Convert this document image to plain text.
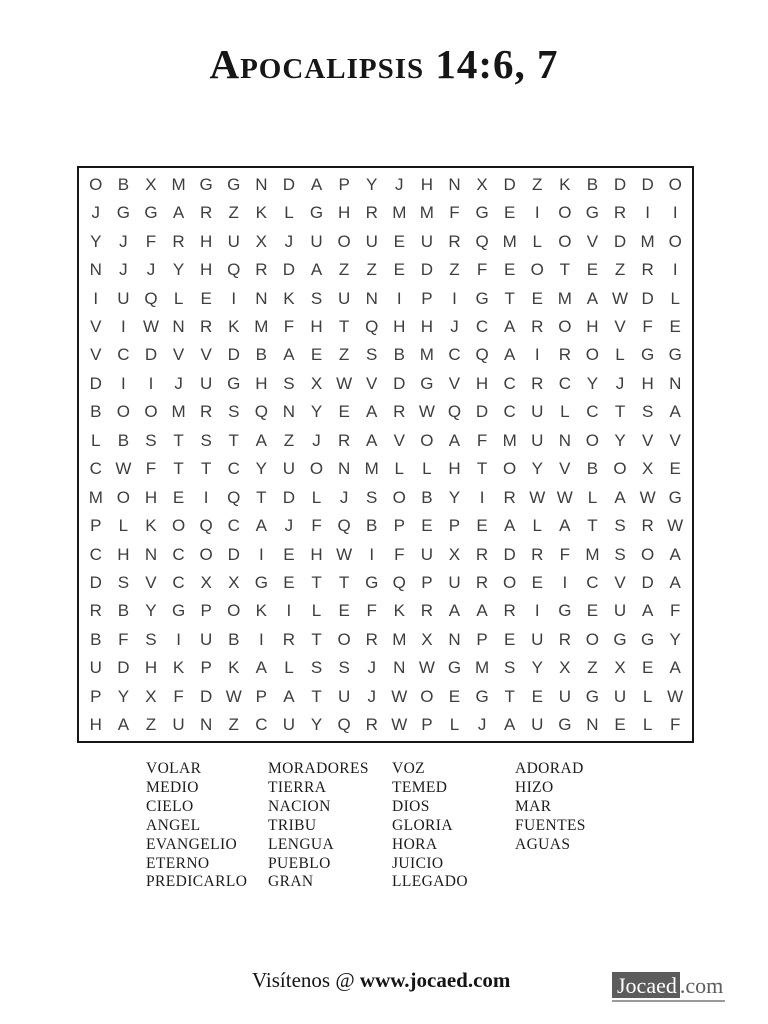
Apocalipsis 14:6, 7
O B X M G G N D A P Y	J	H N X D Z K B D D O
J G G A R Z K	L G H R M M F G E	I	O G R	I	I
Y	J	F R H U X	J	U O U E U R Q M L O V D M O
N	J	J	Y H Q R D A Z	Z E D Z	F E O T E Z R	I
I	U Q L	E	I	N K S U N	I	P	I	G T E M A W D L
V	I	W N R K M F H T Q H H	J	C A R O H V F E
V C D V V D B A E Z S B M C Q A	I	R O L G G
D	I	I	J	U G H S X W V D G V H C R C Y	J	H N
B O O M R S Q N Y E A R W Q D C U L C T S A
L	B S T S T A Z	J	R A V O A F M U N O Y V V
C W F	T	T C Y U O N M L	L H T O Y V B O X E
M O H E	I	Q T D L	J	S O B Y	I	R W W L	A W G
P	L	K O Q C A	J	F Q B P E P E A	L	A T S R W
C H N C O D	I	E H W	I	F U X R D R F M S O A
D S V C X X G E T	T G Q P U R O E	I	C V D A
R B Y G P O K	I	L	E F K R A A R	I	G E U A F
B F S	I	U B	I	R T O R M X N P E U R O G G Y
U D H K P K A	L	S S	J	N W G M S Y X Z X E A
P Y X F D W P A T U	J W O E G T E U G U L W
H A Z U N Z C U Y Q R W P	L	J	A U G N E	L	F
VOLAR
MEDIO
CIELO
ANGEL
EVANGELIO
ETERNO
PREDICARLO
MORADORES
TIERRA
NACION
TRIBU
LENGUA
PUEBLO
GRAN
VOZ
TEMED
DIOS
GLORIA
HORA
JUICIO
LLEGADO
ADORAD
HIZO
MAR
FUENTES
AGUAS
Visítenos @ www.jocaed.com	Jocaed .com
